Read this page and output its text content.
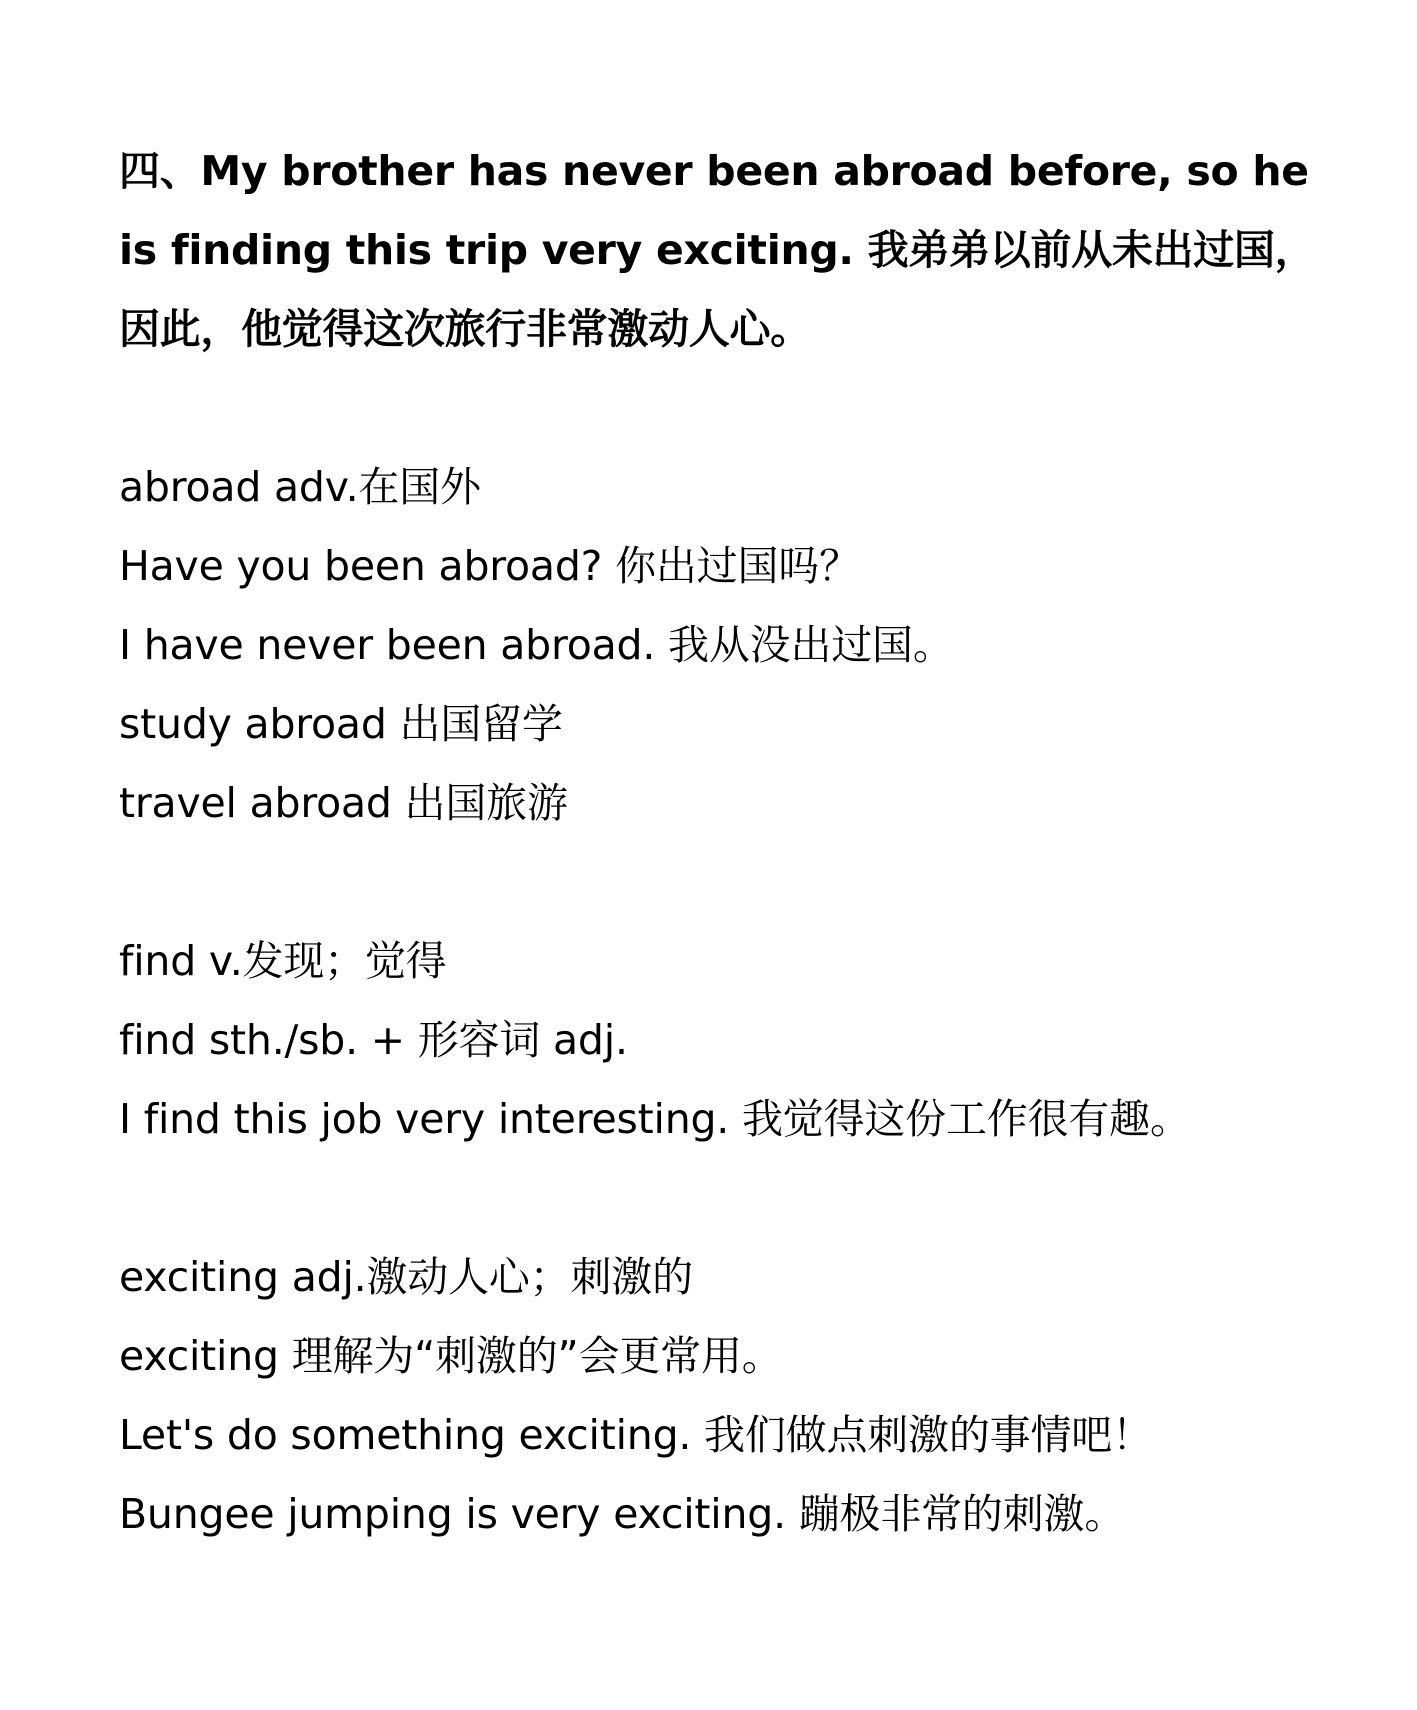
四、My brother has never been abroad before, so he is finding this trip very exciting. 我弟弟以前从未出过国，因此，他觉得这次旅行非常激动人心。

abroad adv.在国外
Have you been abroad? 你出过国吗？
I have never been abroad. 我从没出过国。
study abroad 出国留学
travel abroad 出国旅游
find v.发现；觉得
find sth./sb. + 形容词 adj.
I find this job very interesting. 我觉得这份工作很有趣。
exciting adj.激动人心；刺激的
exciting 理解为“刺激的”会更常用。
Let's do something exciting. 我们做点刺激的事情吧！
Bungee jumping is very exciting. 蹦极非常的刺激。
